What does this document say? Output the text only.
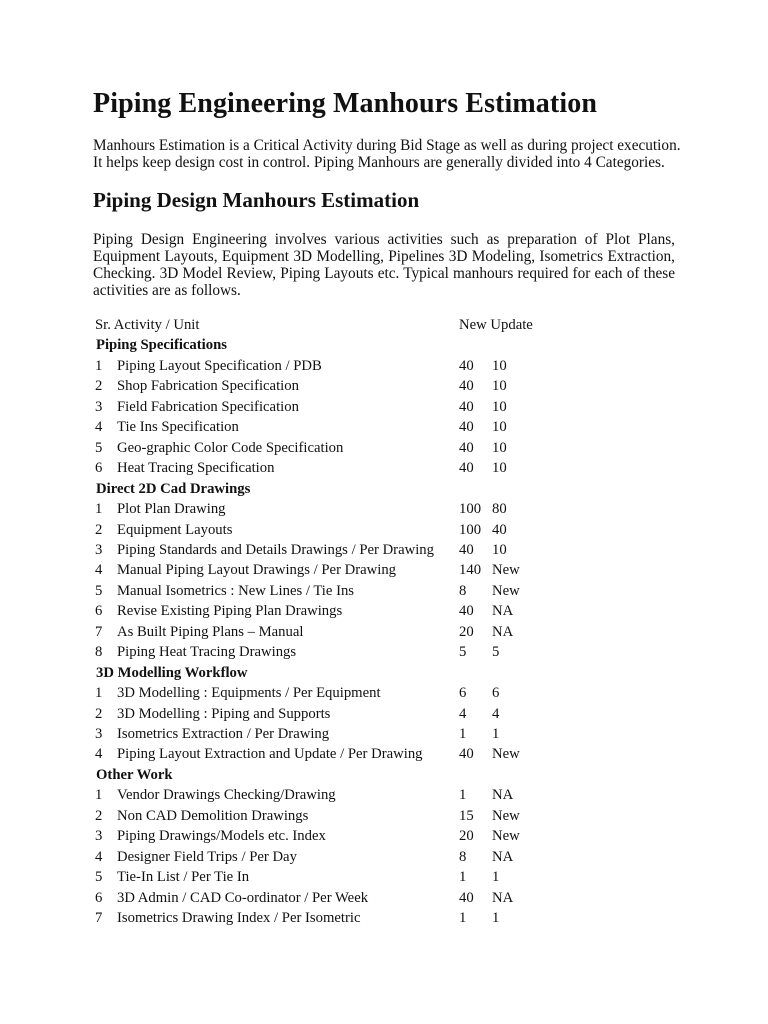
Piping Engineering Manhours Estimation
Manhours Estimation is a Critical Activity during Bid Stage as well as during project execution.
It helps keep design cost in control. Piping Manhours are generally divided into 4 Categories.
Piping Design Manhours Estimation
Piping Design Engineering involves various activities such as preparation of Plot Plans,
Equipment Layouts, Equipment 3D Modelling, Pipelines 3D Modeling, Isometrics Extraction,
Checking. 3D Model Review, Piping Layouts etc. Typical manhours required for each of these
activities are as follows.
Sr. Activity / Unit	New Update
Piping Specifications
1 Piping Layout Specification / PDB	40 10
2 Shop Fabrication Specification	40 10
3 Field Fabrication Specification	40 10
4 Tie Ins Specification	40 10
5 Geo-graphic Color Code Specification	40 10
6 Heat Tracing Specification	40 10
Direct 2D Cad Drawings
1 Plot Plan Drawing	100 80
2 Equipment Layouts	100 40
3 Piping Standards and Details Drawings / Per Drawing 40 10
4 Manual Piping Layout Drawings / Per Drawing	140 New
5 Manual Isometrics : New Lines / Tie Ins	8 New
6 Revise Existing Piping Plan Drawings	40 NA
7 As Built Piping Plans – Manual	20 NA
8 Piping Heat Tracing Drawings	5 5
3D Modelling Workflow
1 3D Modelling : Equipments / Per Equipment	6 6
2 3D Modelling : Piping and Supports	4 4
3 Isometrics Extraction / Per Drawing	1 1
4 Piping Layout Extraction and Update / Per Drawing 40 New
Other Work
1 Vendor Drawings Checking/Drawing	1 NA
2 Non CAD Demolition Drawings	15 New
3 Piping Drawings/Models etc. Index	20 New
4 Designer Field Trips / Per Day	8 NA
5 Tie-In List / Per Tie In	1 1
6 3D Admin / CAD Co-ordinator / Per Week	40 NA
7 Isometrics Drawing Index / Per Isometric	1 1
